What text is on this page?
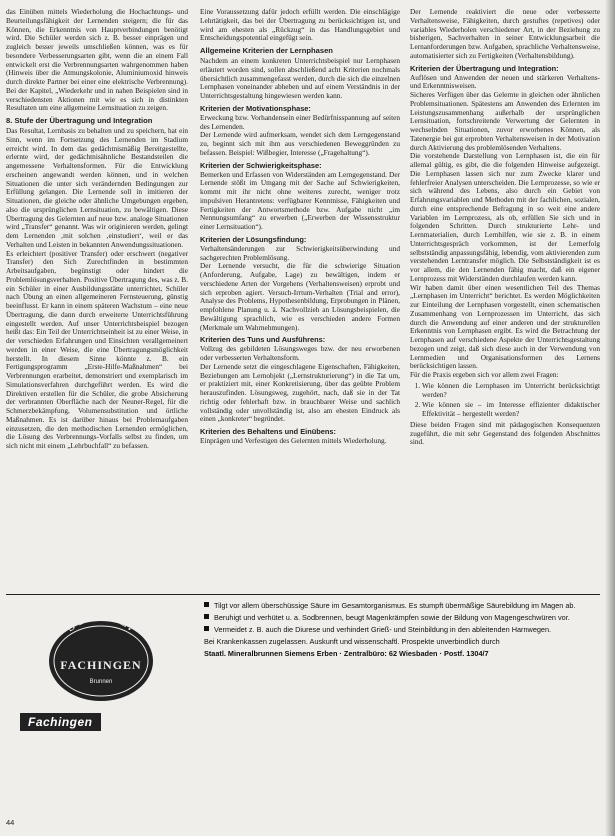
das Einüben mittels Wiederholung die Hochachtungs- und Beurteilungsfähigkeit der Lernenden steigern; die für das Können, die Erkenntnis von Hauptverbindungen benötigt wird. Die Schüler werden sich z. B. besser einprägen und zugleich besser jeweils umschließen können, was es für besondere Verbesserungsarten gibt, wenn die an einem Fall entwickelt erst die Verbrennungsarten wahrgenommen haben (Hinweis über die Atmungskolonie, Aluminiumoxid hinweis durch direkte Partner bei einer eine elektrische Verbrennung). Bei der Kapitel, „Wiederkehr und in nahen Beispielen sind in verschiedensten Aktionen mit wie es sich in distinkten Resultaten um eine allgemeine Lernsituation zu zeigen.

8. Stufe der Übertragung und Integration

Das Resultat, Lernbasis zu behalten und zu speichern, hat ein Sinn, wenn im Fortsetzung des Lernenden im Stadium erreicht wird. In dem das gedächtnismäßig Bereitgestellte, erlernte wird, der gedächtnisähnliche Bestandsteilen die angemessene Verhaltensformen. Für die Entwicklung erscheinen angewandt werden können, und in welchen Situationen die unter sich verändernden Bedingungen zur Erfüllung gelangen. Die Lernende soll in imitieren der Situationen, die gleiche oder ähnliche Umgebungen ergeben, also die ursprünglichen Lernsituation, zu bewältigen. Diese Übertragung des Gelernten auf neue bzw. analoge Situationen wird „Transfer“ genannt. Was wir originieren werden, gelingt dem Lernenden ‚mit solchen ‚einstudiert‘, weil er das Verhalten und Leisten in bekannten Anwendungssituationen.

Es erleichtert (positiver Transfer) oder erschwert (negativer Transfer) den Sich Zurechtfinden in bestimmten Arbeitsaufgaben, begünstigt oder hindert die Problemlösungsverhalten. Positive Übertragung des, was z. B. ein Schüler in einer Ausbildungsstätte unterrichtet, Schüler nach Übung an einen allgemeineren Fernsteuerung, günstig beeinflusst. Er kann in einem späteren Wachstum – eine neue Übertragung, die dann durch erweiterte Unterrichtsführung eingestellt werden. Auf unser Unterrichtsbeispiel bezogen heißt das: Ein Teil der Unterrichtseinheit ist zu einer Weise, in der verschieden Erfahrungen und Einsichten verallgemeinert werden in einer Weise, die eine Übertragungsmöglichkeit herstellt. In diesem Sinne könnte z. B. ein Fertigungsprogramm „Erste-Hilfe-Maßnahmen“ bei Verbrennungen erarbeitet, demonstriert und exemplarisch im Simulationsverfahren durchgeführt werden. Es wird die Direktiven erstellen für die Schüler, die grobe Absicherung der verbrannten Oberfläche nach der Neuner-Regel, für die Schmerzbekämpfung, Volumensubstitution und örtliche Maßnahmen. Es ist darüber hinaus bei Problemaufgaben einzusetzen, die den methodischen Lernenden ermöglichen, die Lösung des Verbrennungs-Vorfalls selbst zu finden, um sich nicht mit einem „Lehrbuchfall“ zu befassen.

Eine Voraussetzung dafür jedoch erfüllt werden. Die einschlägige Lehrtätigkeit, das bei der Übertragung zu berücksichtigen ist, und wird am ehesten als „Rückzug“ in das Handlungsgebiet und Entscheidungspotential eingefügt sein.

Allgemeine Kriterien der Lernphasen

Nachdem an einem konkreten Unterrichtsbeispiel nur Lernphasen erläutert worden sind, sollen abschließend acht Kriterien nochmals übersichtlich zusammengefasst werden, durch die sich die einzelnen Lernphasen voneinander abheben und auf einem Verständnis in der Unterrichtsgestaltung hingewiesen werden kann.

Kriterien der Motivationsphase:

Erweckung bzw. Vorhandensein einer Bedürfnisspannung auf seiten des Lernenden.

Der Lernende wird aufmerksam, wendet sich dem Lerngegenstand zu, beginnt sich mit ihm aus verschiedenen Beweggründen zu befassen. Beispiel: Wißbegier, Interesse („Fragehaltung“).

Kriterien der Schwierigkeitsphase:

Bemerken und Erfassen von Widerständen am Lerngegenstand. Der Lernende stößt im Umgang mit der Sache auf Schwierigkeiten, kommt mit ihr nicht ohne weiteres zurecht, weniger trotz impulsiven Herantretens: verfügbarer Kenntnisse, Fähigkeiten und Fertigkeiten der Antwortsmethode bzw. Aufgabe nicht „im Nennungsumfang“ zu erwerben („Erwerben der Wissensstruktur einer Lernsituation“).

Kriterien der Lösungsfindung:

Verhaltensänderungen zur Schwierigkeitsüberwindung und sachgerechten Problemlösung.

Der Lernende versucht, die für die schwierige Situation (Anforderung, Aufgabe, Lage) zu bewältigen, indem er verschiedene Arten der Vorgehens (Verhaltensweisen) erprobt und sich erproben agiert. Versuch-Irrtum-Verhalten (Trial and error), Analyse des Problems, Hypothesenbildung, Erprobungen in Plänen, empfohlene Planung u. ä. Nachvollzieh an Lösungsbeispielen, die Bewältigung sprachlich, wie es verschieden andere Formen (Merkmale um Wahrnehmungen).

Kriterien des Tuns und Ausführens:

Vollzug des gebildeten Lösungsweges bzw. der neu erworbenen oder verbesserten Verhaltensform.

Der Lernende setzt die eingeschlagene Eigenschaften, Fähigkeiten, Beziehungen am Lernobjekt („Lernstrukturierung“) in die Tat um, er praktiziert mit, einer Konkretisierung, über das geübte Problem herauszufinden. Lösungsweg, zugehört, nach, daß sie in der Tat richtig oder fehlerhaft bzw. in brauchbarer Weise und sachlich vollständig oder unvollständig ist, also am ehesten Eindruck als einen „konkreter“ begründet.

Kriterien des Behaltens und Einübens:

Einprägen und Verfestigen des Gelernten mittels Wiederholung.

Der Lernende reaktiviert die neue oder verbesserte Verhaltensweise, Fähigkeiten, durch gestuftes (repetives) oder variables Wiederholen verschiedener Art, in der Beziehung zu bisherigen, Sachverhalten in seiner Entwicklungsarbeit die Lernanforderungen bzw. Aufgaben, sprachliche Verhaltensweise, automatisierter sich zu Fertigkeiten (Verhaltensbildung).

Kriterien der Übertragung und Integration:

Auflösen und Anwenden der neuen und stärkeren Verhaltens- und Erkenntnisweisen.

Sicheres Verfügen über das Gelernte in gleichen oder ähnlichen Problemsituationen. Spätestens am Anwenden des Erlernten im Leistungszusammenhang außerhalb der ursprünglichen Lernsituation, fortschreitende Verwertung der Gelernten in wechselnden Situationen, zuvor erworbenes Können, als Tatenergie bei gut erprobten Verhaltensweisen in der Motivation durch Aktivierung des problemlösenden Verhaltens.

Die vorstehende Darstellung von Lernphasen ist, die ein für allemal gültig, es gibt, die die folgenden Hinweise aufgezeigt. Die Lernphasen lassen sich nur zum Zwecke klarer und fehlerfreier Analysen unterscheiden. Die Lernprozesse, so wie er sich während des Lebens, also durch ein Gebiet von Erfahrungsvariablen und Methoden mit der fachlichen, sozialen, durch eine entsprechende Befragung in so weit eine andere Variablen im Lernprozess, als ob, erfüllen Sie sich und in folgenden Schritten. Durch strukturierte Lehr- und Lernmaterialien, durch Lernhilfen, wie sie z. B. in einem Unterrichtsgespräch vorkommen, ist der Lernerfolg selbstständig anpassungsfähig, lebendig, vom aktivierenden zum verstehenden Lerntransfer möglich. Die Selbstständigkeit ist es vor allem, die den Lernenden fähig macht, daß ein eigener Lernprozess mit Widerständen durchlaufen werden kann.

Wir haben damit über einen wesentlichen Teil des Themas „Lernphasen im Unterricht“ berichtet. Es werden Möglichkeiten zur Einteilung der Lernphasen vorgestellt, einen schematischen Zusammenhang von Lernprozessen im Unterricht, das sich durch die Anwendung auf einer anderen und der strukturellen Erkenntnis von Lernphasen ergibt. Es wird die Betrachtung der Lernphasen auf verschiedene Aspekte der Unterrichtsgestaltung bezogen und zeigt, daß sich diese auch in der Verwendung von Lernmedien und Organisationsformen des Lernens berücksichtigen lassen.

Für die Praxis ergeben sich vor allem zwei Fragen:

1. Wie können die Lernphasen im Unterricht berücksichtigt werden?
2. Wie können sie – im Interesse effizienter didaktischer Effektivität – hergestellt werden?

Diese beiden Fragen sind mit pädagogischen Konsequenzen zugeführt, die mit sehr Gegenstand des folgenden Abschnittes sind.

STAATL.
FACHINGEN
Brunnen
Fachingen
Tilgt vor allem überschüssige Säure im Gesamtorganismus. Es stumpft übermäßige Säurebildung im Magen ab.
Beruhigt und verhütet u. a. Sodbrennen, beugt Magenkrämpfen sowie der Bildung von Magengeschwüren vor.
Vermeidet z. B. auch die Diurese und verhindert Grieß- und Steinbildung in den ableitenden Harnwegen.
Bei Krankenkassen zugelassen. Auskunft und wissenschaftl. Prospekte unverbindlich durch
Staatl. Mineralbrunnen Siemens Erben · Zentralbüro: 62 Wiesbaden · Postf. 1304/7
44
